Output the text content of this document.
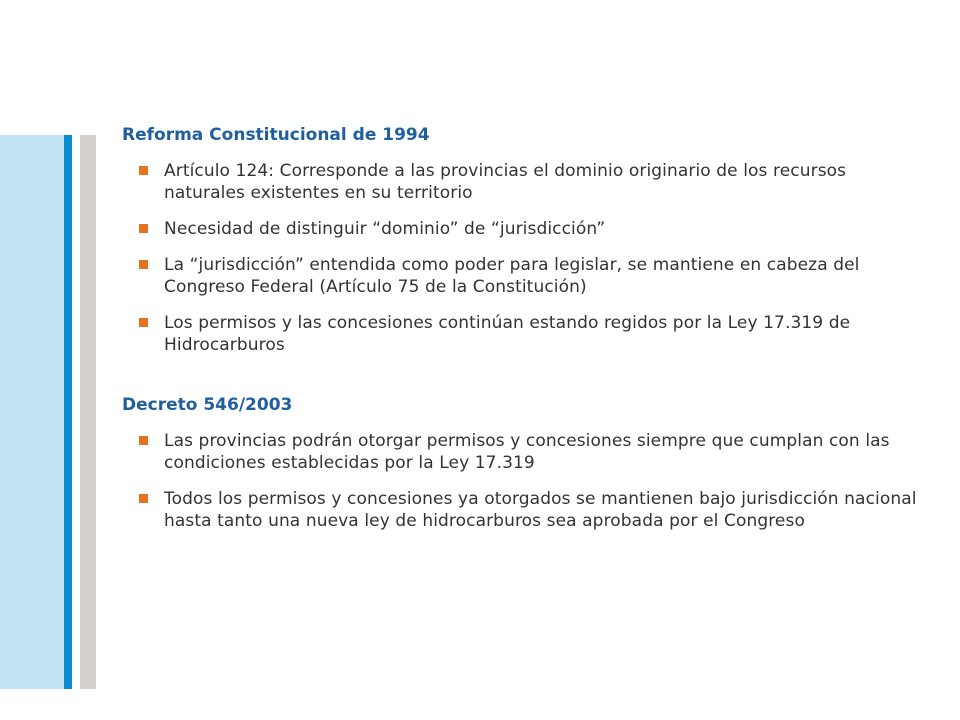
Reforma Constitucional de 1994
Artículo 124: Corresponde a las provincias el dominio originario de los recursos naturales existentes en su territorio
Necesidad de distinguir “dominio” de “jurisdicción”
La “jurisdicción” entendida como poder para legislar, se mantiene en cabeza del Congreso Federal (Artículo 75 de la Constitución)
Los permisos y las concesiones continúan estando regidos por la Ley 17.319 de Hidrocarburos
Decreto 546/2003
Las provincias podrán otorgar permisos y concesiones siempre que cumplan con las condiciones establecidas por la Ley 17.319
Todos los permisos y concesiones ya otorgados se mantienen bajo jurisdicción nacional hasta tanto una nueva ley de hidrocarburos sea aprobada por el Congreso
